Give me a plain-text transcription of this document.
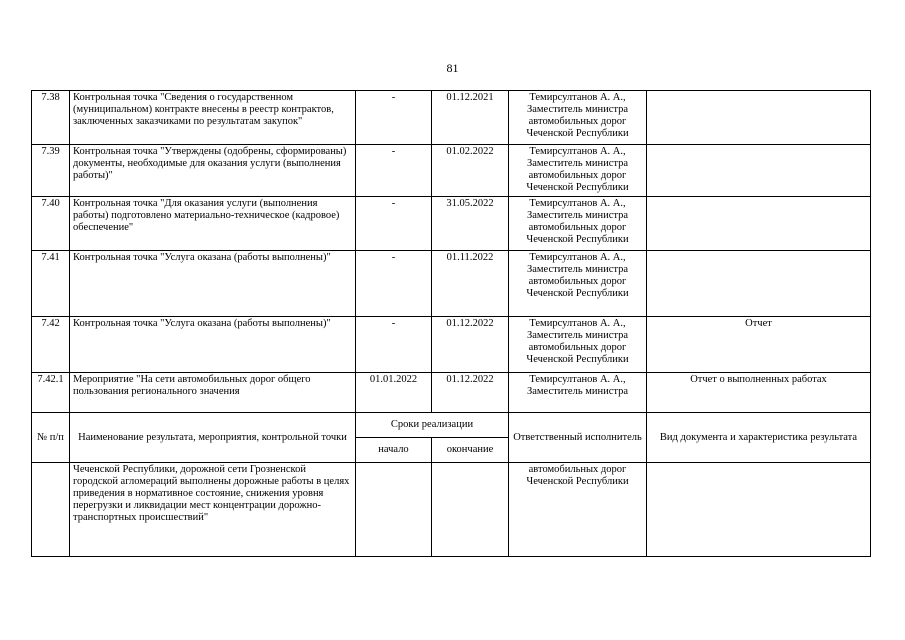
81
7.38	Контрольная точка "Сведения о государственном (муниципальном) контракте внесены в реестр контрактов, заключенных заказчиками по результатам закупок"	-	01.12.2021	Темирсултанов А. А., Заместитель министра автомобильных дорог Чеченской Республики	
7.39	Контрольная точка "Утверждены (одобрены, сформированы) документы, необходимые для оказания услуги (выполнения работы)"	-	01.02.2022	Темирсултанов А. А., Заместитель министра автомобильных дорог Чеченской Республики	
7.40	Контрольная точка "Для оказания услуги (выполнения работы) подготовлено материально-техническое (кадровое) обеспечение"	-	31.05.2022	Темирсултанов А. А., Заместитель министра автомобильных дорог Чеченской Республики	
7.41	Контрольная точка "Услуга оказана (работы выполнены)"	-	01.11.2022	Темирсултанов А. А., Заместитель министра автомобильных дорог Чеченской Республики	
7.42	Контрольная точка "Услуга оказана (работы выполнены)"	-	01.12.2022	Темирсултанов А. А., Заместитель министра автомобильных дорог Чеченской Республики	Отчет
7.42.1	Мероприятие "На сети автомобильных дорог общего пользования регионального значения	01.01.2022	01.12.2022	Темирсултанов А. А., Заместитель министра	Отчет о выполненных работах
№ п/п	Наименование результата, мероприятия, контрольной точки	Сроки реализации		Ответственный исполнитель	Вид документа и характеристика результата
		начало	окончание		
	Чеченской Республики, дорожной сети Грозненской городской агломераций выполнены дорожные работы в целях приведения в нормативное состояние, снижения уровня перегрузки и ликвидации мест концентрации дорожно-транспортных происшествий"			автомобильных дорог Чеченской Республики	
